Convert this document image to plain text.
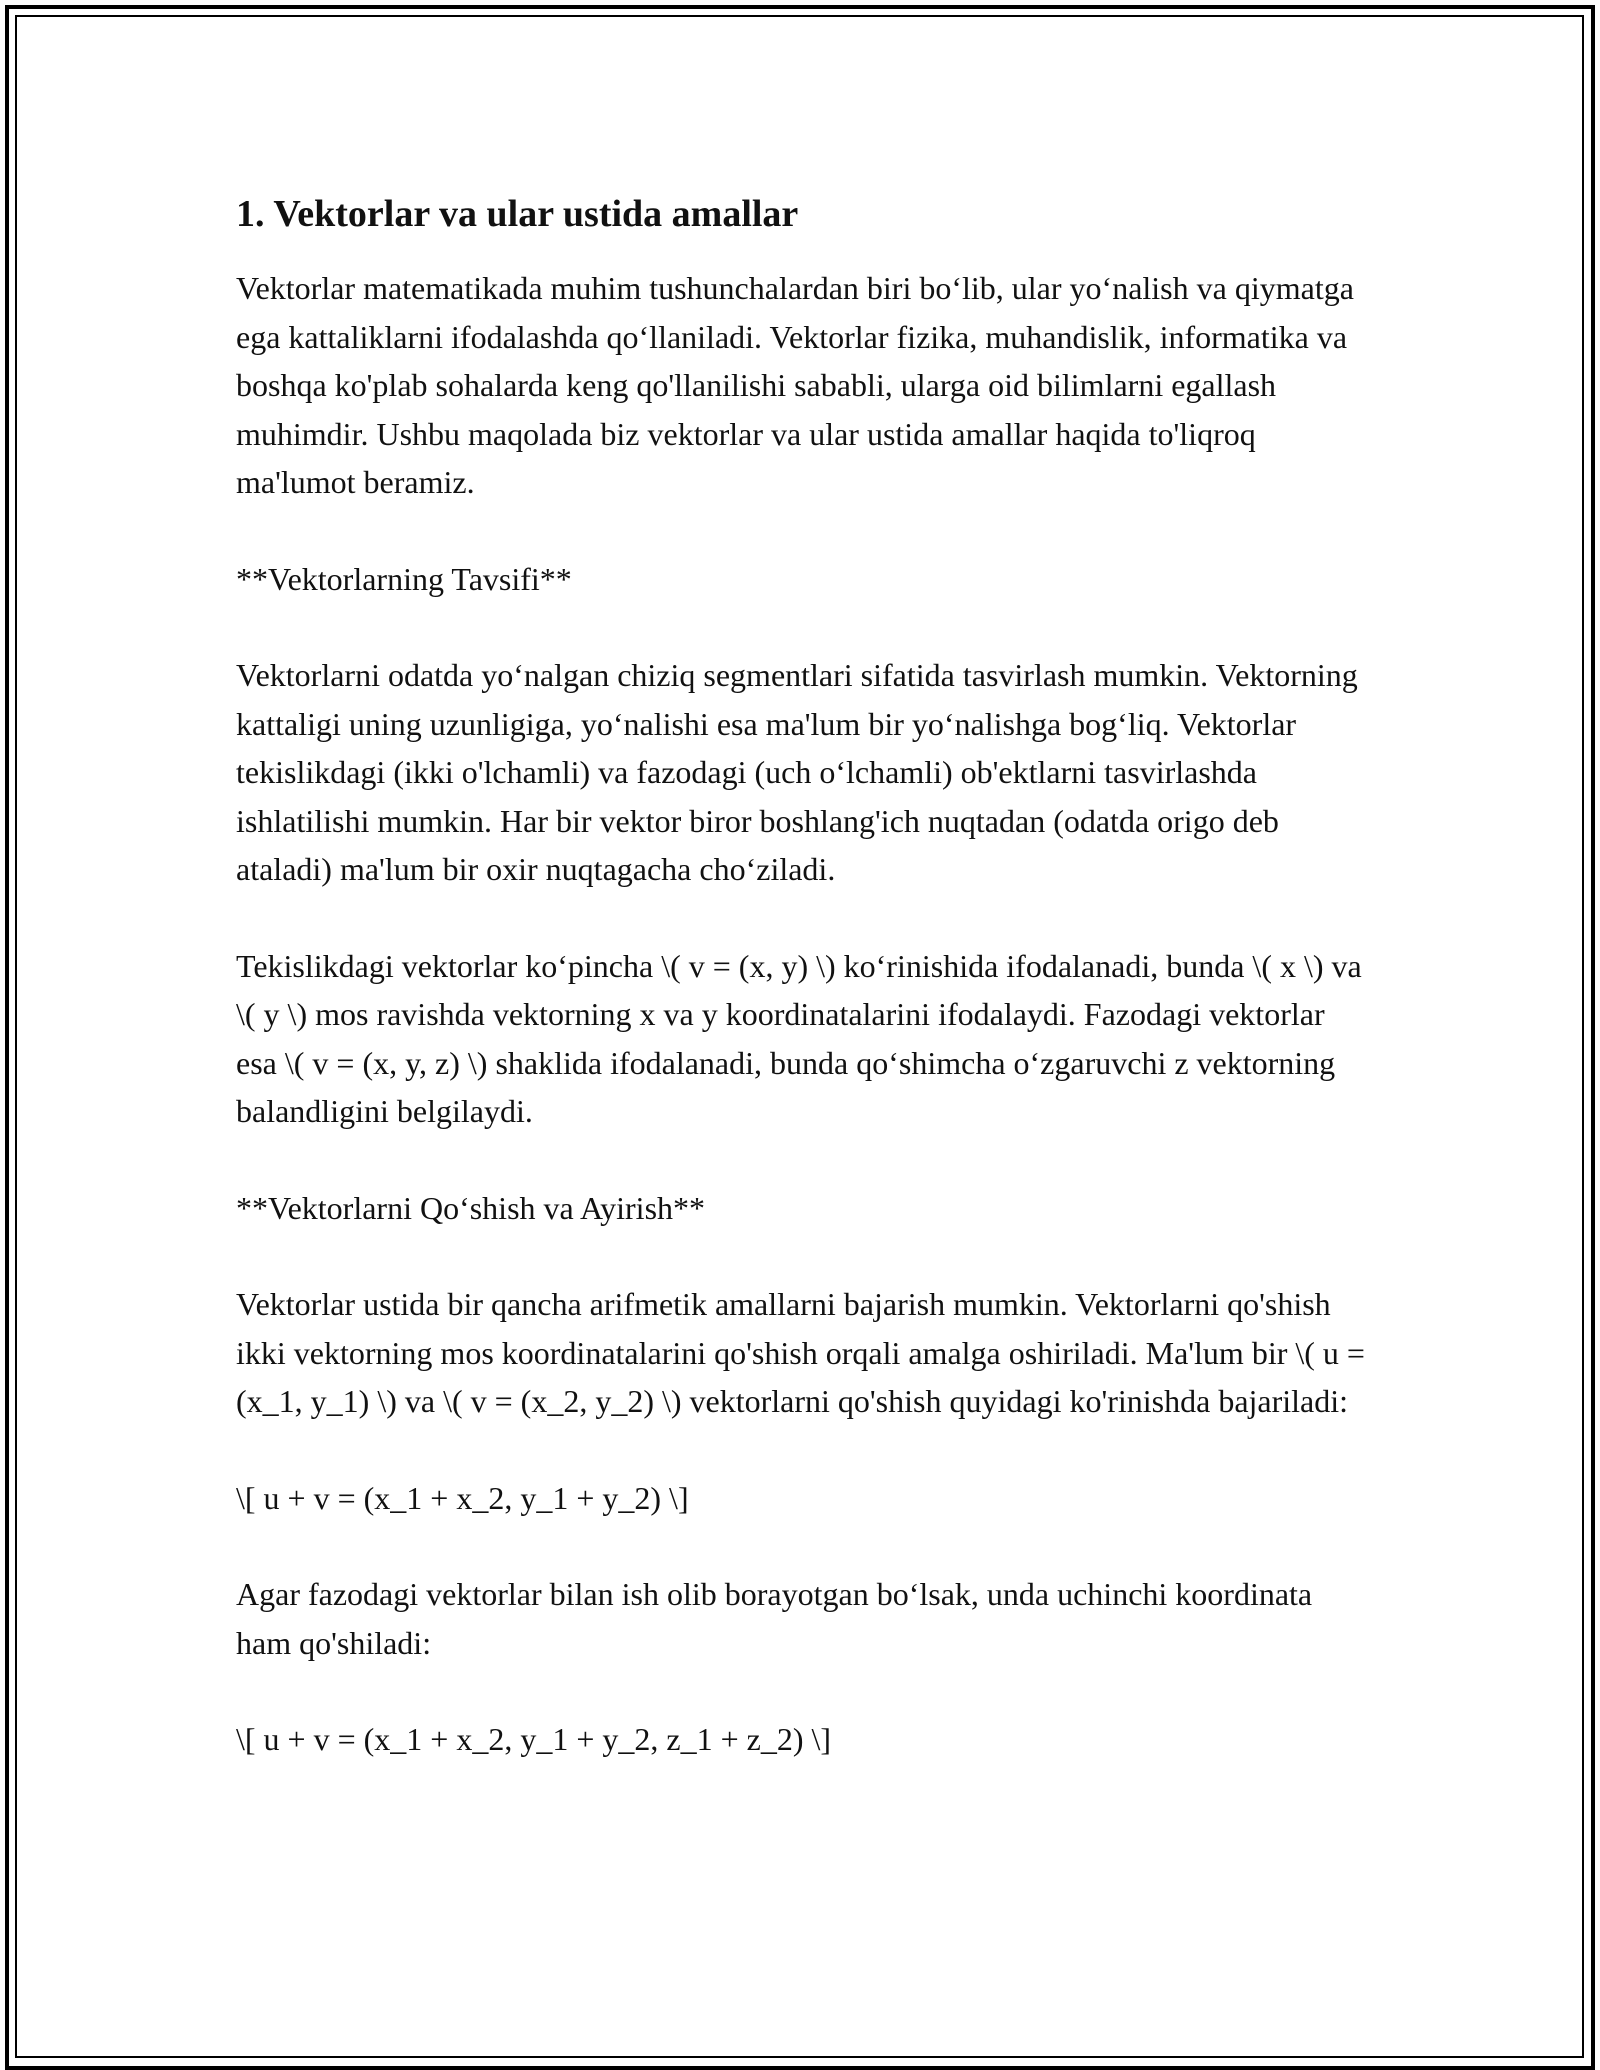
1. Vektorlar va ular ustida amallar

Vektorlar matematikada muhim tushunchalardan biri bo‘lib, ular yo‘nalish va qiymatga ega kattaliklarni ifodalashda qo‘llaniladi. Vektorlar fizika, muhandislik, informatika va boshqa ko'plab sohalarda keng qo'llanilishi sababli, ularga oid bilimlarni egallash muhimdir. Ushbu maqolada biz vektorlar va ular ustida amallar haqida to'liqroq ma'lumot beramiz.

**Vektorlarning Tavsifi**

Vektorlarni odatda yo‘nalgan chiziq segmentlari sifatida tasvirlash mumkin. Vektorning kattaligi uning uzunligiga, yo‘nalishi esa ma'lum bir yo‘nalishga bog‘liq. Vektorlar tekislikdagi (ikki o'lchamli) va fazodagi (uch o‘lchamli) ob'ektlarni tasvirlashda ishlatilishi mumkin. Har bir vektor biror boshlang'ich nuqtadan (odatda origo deb ataladi) ma'lum bir oxir nuqtagacha cho‘ziladi.

Tekislikdagi vektorlar ko‘pincha \( v = (x, y) \) ko‘rinishida ifodalanadi, bunda \( x \) va \( y \) mos ravishda vektorning x va y koordinatalarini ifodalaydi. Fazodagi vektorlar esa \( v = (x, y, z) \) shaklida ifodalanadi, bunda qo‘shimcha o‘zgaruvchi z vektorning balandligini belgilaydi.

**Vektorlarni Qo‘shish va Ayirish**

Vektorlar ustida bir qancha arifmetik amallarni bajarish mumkin. Vektorlarni qo'shish ikki vektorning mos koordinatalarini qo'shish orqali amalga oshiriladi. Ma'lum bir \( u = (x_1, y_1) \) va \( v = (x_2, y_2) \) vektorlarni qo'shish quyidagi ko'rinishda bajariladi:

\[ u + v = (x_1 + x_2, y_1 + y_2) \]

Agar fazodagi vektorlar bilan ish olib borayotgan bo‘lsak, unda uchinchi koordinata ham qo'shiladi:

\[ u + v = (x_1 + x_2, y_1 + y_2, z_1 + z_2) \]
